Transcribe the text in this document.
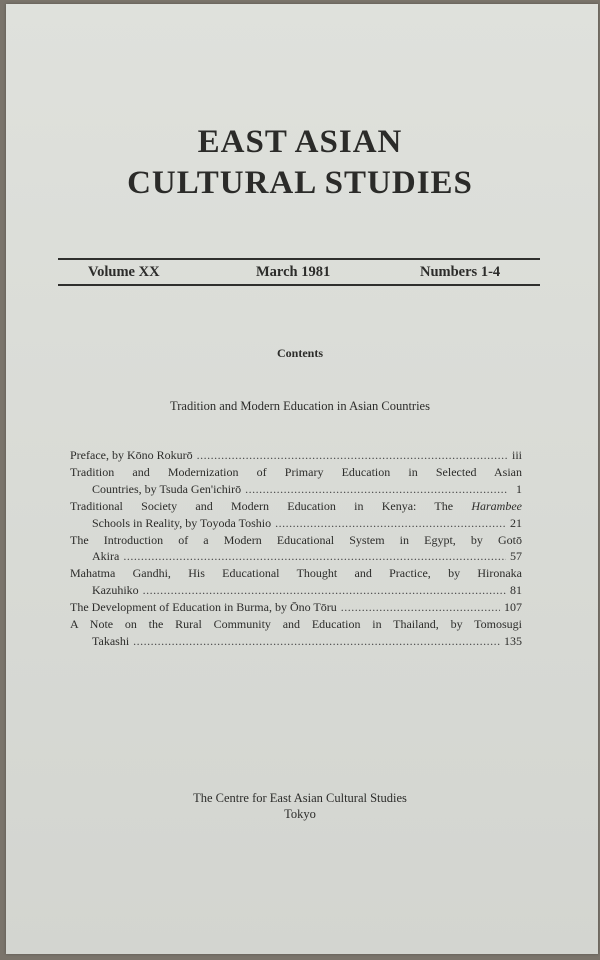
EAST ASIAN
CULTURAL STUDIES
Volume XX	March 1981	Numbers 1-4
Contents
Tradition and Modern Education in Asian Countries
Preface, by Kōno Rokurō .....	iii
Tradition and Modernization of Primary Education in Selected Asian
Countries, by Tsuda Gen'ichirō .....	1
Traditional Society and Modern Education in Kenya: The Harambee
Schools in Reality, by Toyoda Toshio .....	21
The Introduction of a Modern Educational System in Egypt, by Gotō
Akira .....	57
Mahatma Gandhi, His Educational Thought and Practice, by Hironaka
Kazuhiko .....	81
The Development of Education in Burma, by Ōno Tōru .....	107
A Note on the Rural Community and Education in Thailand, by Tomosugi
Takashi .....	135
The Centre for East Asian Cultural Studies
Tokyo
